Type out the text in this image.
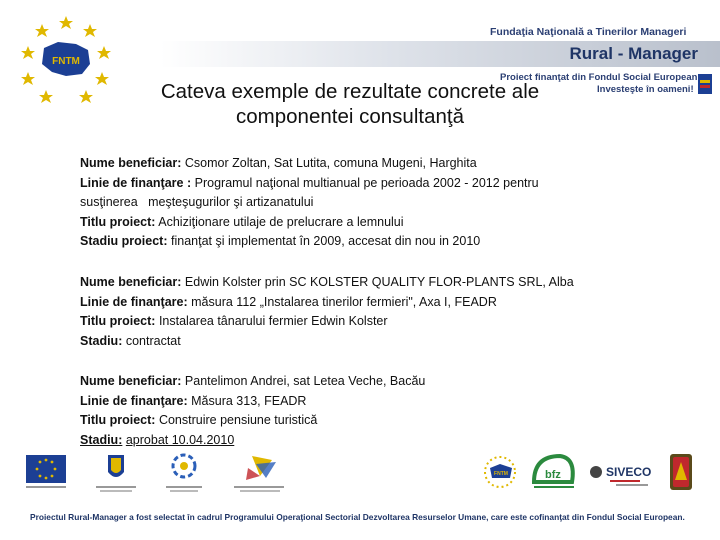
FNTM
Fundaţia Naţională a Tinerilor Manageri
Rural - Manager
Proiect finanţat din Fondul Social European
Investeşte în oameni!
Cateva exemple de rezultate concrete ale
componentei consultanţă
Nume beneficiar: Csomor Zoltan, Sat Lutita, comuna Mugeni, Harghita
Linie de finanţare : Programul naţional multianual pe perioada 2002 - 2012 pentru
susţinerea   meşteşugurilor şi artizanatului
Titlu proiect: Achiziţionare utilaje de prelucrare a lemnului
Stadiu proiect: finanţat şi implementat în 2009, accesat din nou in 2010
Nume beneficiar: Edwin Kolster prin SC KOLSTER QUALITY FLOR-PLANTS SRL, Alba
Linie de finanţare: măsura 112 „Instalarea tinerilor fermieri", Axa I, FEADR
Titlu proiect: Instalarea tânarului fermier Edwin Kolster
Stadiu: contractat
Nume beneficiar: Pantelimon Andrei, sat Letea Veche, Bacău
Linie de finanţare: Măsura 313, FEADR
Titlu proiect: Construire pensiune turistică
Stadiu: aprobat 10.04.2010
FNTM	bfz	SIVECO
Proiectul Rural-Manager a fost selectat în cadrul Programului Operaţional Sectorial Dezvoltarea Resurselor Umane, care este cofinanţat din Fondul Social European.
